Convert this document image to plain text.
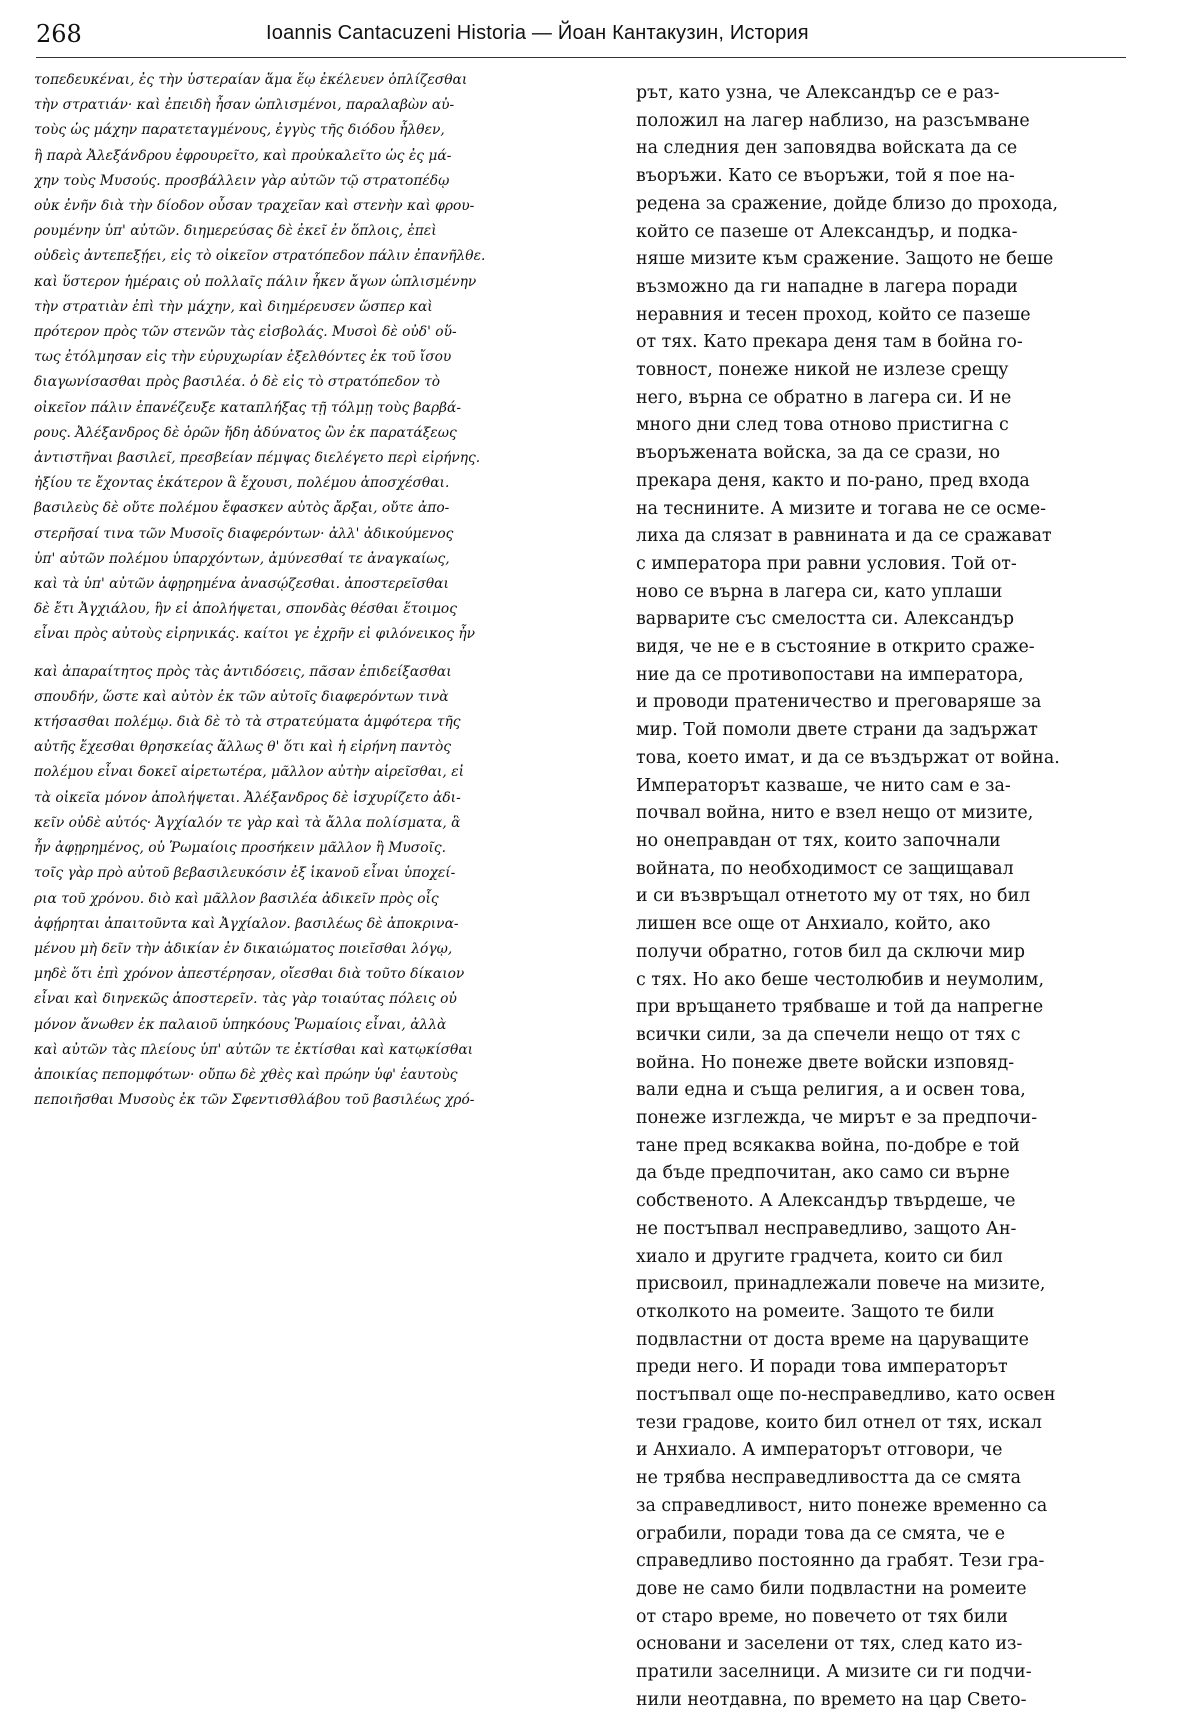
268	Ioannis Cantacuzeni Historia — Йоан Кантакузин, История

τοπεδευκέναι, ἐς τὴν ὑστεραίαν ἅμα ἕῳ ἐκέλευεν ὁπλίζεσθαι

τὴν στρατιάν· καὶ ἐπειδὴ ἦσαν ὡπλισμένοι, παραλαβὼν αὐ-

τοὺς ὡς μάχην παρατεταγμένους, ἐγγὺς τῆς διόδου ἦλθεν,

ἣ παρὰ Ἀλεξάνδρου ἐφρουρεῖτο, καὶ προὐκαλεῖτο ὡς ἐς μά-

χην τοὺς Μυσούς. προσβάλλειν γὰρ αὐτῶν τῷ στρατοπέδῳ

οὐκ ἐνῆν διὰ τὴν δίοδον οὖσαν τραχεῖαν καὶ στενὴν καὶ φρου-

ρουμένην ὑπ' αὐτῶν. διημερεύσας δὲ ἐκεῖ ἐν ὅπλοις, ἐπεὶ

οὐδεὶς ἀντεπεξῄει, εἰς τὸ οἰκεῖον στρατόπεδον πάλιν ἐπανῆλθε.

καὶ ὕστερον ἡμέραις οὐ πολλαῖς πάλιν ἧκεν ἄγων ὡπλισμένην

τὴν στρατιὰν ἐπὶ τὴν μάχην, καὶ διημέρευσεν ὥσπερ καὶ

πρότερον πρὸς τῶν στενῶν τὰς εἰσβολάς. Μυσοὶ δὲ οὐδ' οὕ-

τως ἐτόλμησαν εἰς τὴν εὐρυχωρίαν ἐξελθόντες ἐκ τοῦ ἴσου

διαγωνίσασθαι πρὸς βασιλέα. ὁ δὲ εἰς τὸ στρατόπεδον τὸ

οἰκεῖον πάλιν ἐπανέζευξε καταπλήξας τῇ τόλμῃ τοὺς βαρβά-

ρους. Ἀλέξανδρος δὲ ὁρῶν ἤδη ἀδύνατος ὢν ἐκ παρατάξεως

ἀντιστῆναι βασιλεῖ, πρεσβείαν πέμψας διελέγετο περὶ εἰρήνης.

ἠξίου τε ἔχοντας ἑκάτερον ἃ ἔχουσι, πολέμου ἀποσχέσθαι.

βασιλεὺς δὲ οὔτε πολέμου ἔφασκεν αὐτὸς ἄρξαι, οὔτε ἀπο-

στερῆσαί τινα τῶν Μυσοῖς διαφερόντων· ἀλλ' ἀδικούμενος

ὑπ' αὐτῶν πολέμου ὑπαρχόντων, ἀμύνεσθαί τε ἀναγκαίως,

καὶ τὰ ὑπ' αὐτῶν ἀφῃρημένα ἀνασῴζεσθαι. ἀποστερεῖσθαι

δὲ ἔτι Ἀγχιάλου, ἣν εἰ ἀπολήψεται, σπονδὰς θέσθαι ἕτοιμος

εἶναι πρὸς αὐτοὺς εἰρηνικάς. καίτοι γε ἐχρῆν εἰ φιλόνεικος ἦν

καὶ ἀπαραίτητος πρὸς τὰς ἀντιδόσεις, πᾶσαν ἐπιδείξασθαι

σπουδήν, ὥστε καὶ αὐτὸν ἐκ τῶν αὐτοῖς διαφερόντων τινὰ

κτήσασθαι πολέμῳ. διὰ δὲ τὸ τὰ στρατεύματα ἀμφότερα τῆς

αὐτῆς ἔχεσθαι θρησκείας ἄλλως θ' ὅτι καὶ ἡ εἰρήνη παντὸς

πολέμου εἶναι δοκεῖ αἱρετωτέρα, μᾶλλον αὐτὴν αἱρεῖσθαι, εἰ

τὰ οἰκεῖα μόνον ἀπολήψεται. Ἀλέξανδρος δὲ ἰσχυρίζετο ἀδι-

κεῖν οὐδὲ αὐτός· Ἀγχίαλόν τε γὰρ καὶ τὰ ἄλλα πολίσματα, ἃ

ἦν ἀφῃρημένος, οὐ Ῥωμαίοις προσήκειν μᾶλλον ἢ Μυσοῖς.

τοῖς γὰρ πρὸ αὐτοῦ βεβασιλευκόσιν ἐξ ἱκανοῦ εἶναι ὑποχεί-

ρια τοῦ χρόνου. διὸ καὶ μᾶλλον βασιλέα ἀδικεῖν πρὸς οἷς

ἀφῄρηται ἀπαιτοῦντα καὶ Ἀγχίαλον. βασιλέως δὲ ἀποκρινα-

μένου μὴ δεῖν τὴν ἀδικίαν ἐν δικαιώματος ποιεῖσθαι λόγῳ,

μηδὲ ὅτι ἐπὶ χρόνον ἀπεστέρησαν, οἴεσθαι διὰ τοῦτο δίκαιον

εἶναι καὶ διηνεκῶς ἀποστερεῖν. τὰς γὰρ τοιαύτας πόλεις οὐ

μόνον ἄνωθεν ἐκ παλαιοῦ ὑπηκόους Ῥωμαίοις εἶναι, ἀλλὰ

καὶ αὐτῶν τὰς πλείους ὑπ' αὐτῶν τε ἐκτίσθαι καὶ κατῳκίσθαι

ἀποικίας πεπομφότων· οὔπω δὲ χθὲς καὶ πρώην ὑφ' ἑαυτοὺς

πεποιῆσθαι Μυσοὺς ἐκ τῶν Σφεντισθλάβου τοῦ βασιλέως χρό-

рът, като узна, че Александър се е раз-

положил на лагер наблизо, на разсъмване

на следния ден заповядва войската да се

въоръжи. Като се въоръжи, той я пое на-

редена за сражение, дойде близо до прохода,

който се пазеше от Александър, и подка-

няше мизите към сражение. Защото не беше

възможно да ги нападне в лагера поради

неравния и тесен проход, който се пазеше

от тях. Като прекара деня там в бойна го-

товност, понеже никой не излезе срещу

него, върна се обратно в лагера си. И не

много дни след това отново пристигна с

въоръжената войска, за да се срази, но

прекара деня, както и по-рано, пред входа

на теснините. А мизите и тогава не се осме-

лиха да слязат в равнината и да се сражават

с императора при равни условия. Той от-

ново се върна в лагера си, като уплаши

варварите със смелостта си. Александър

видя, че не е в състояние в открито сраже-

ние да се противопостави на императора,

и проводи пратеничество и преговаряше за

мир. Той помоли двете страни да задържат

това, което имат, и да се въздържат от война.

Императорът казваше, че нито сам е за-

почвал война, нито е взел нещо от мизите,

но онеправдан от тях, които започнали

войната, по необходимост се защищавал

и си възвръщал отнетото му от тях, но бил

лишен все още от Анхиало, който, ако

получи обратно, готов бил да сключи мир

с тях. Но ако беше честолюбив и неумолим,

при връщането трябваше и той да напрегне

всички сили, за да спечели нещо от тях с

война. Но понеже двете войски изповяд-

вали една и съща религия, а и освен това,

понеже изглежда, че мирът е за предпочи-

тане пред всякаква война, по-добре е той

да бъде предпочитан, ако само си върне

собственото. А Александър твърдеше, че

не постъпвал несправедливо, защото Ан-

хиало и другите градчета, които си бил

присвоил, принадлежали повече на мизите,

отколкото на ромеите. Защото те били

подвластни от доста време на царуващите

преди него. И поради това императорът

постъпвал още по-несправедливо, като освен

тези градове, които бил отнел от тях, искал

и Анхиало. А императорът отговори, че

не трябва несправедливостта да се смята

за справедливост, нито понеже временно са

ограбили, поради това да се смята, че е

справедливо постоянно да грабят. Тези гра-

дове не само били подвластни на ромеите

от старо време, но повечето от тях били

основани и заселени от тях, след като из-

пратили заселници. А мизите си ги подчи-

нили неотдавна, по времето на цар Свето-
